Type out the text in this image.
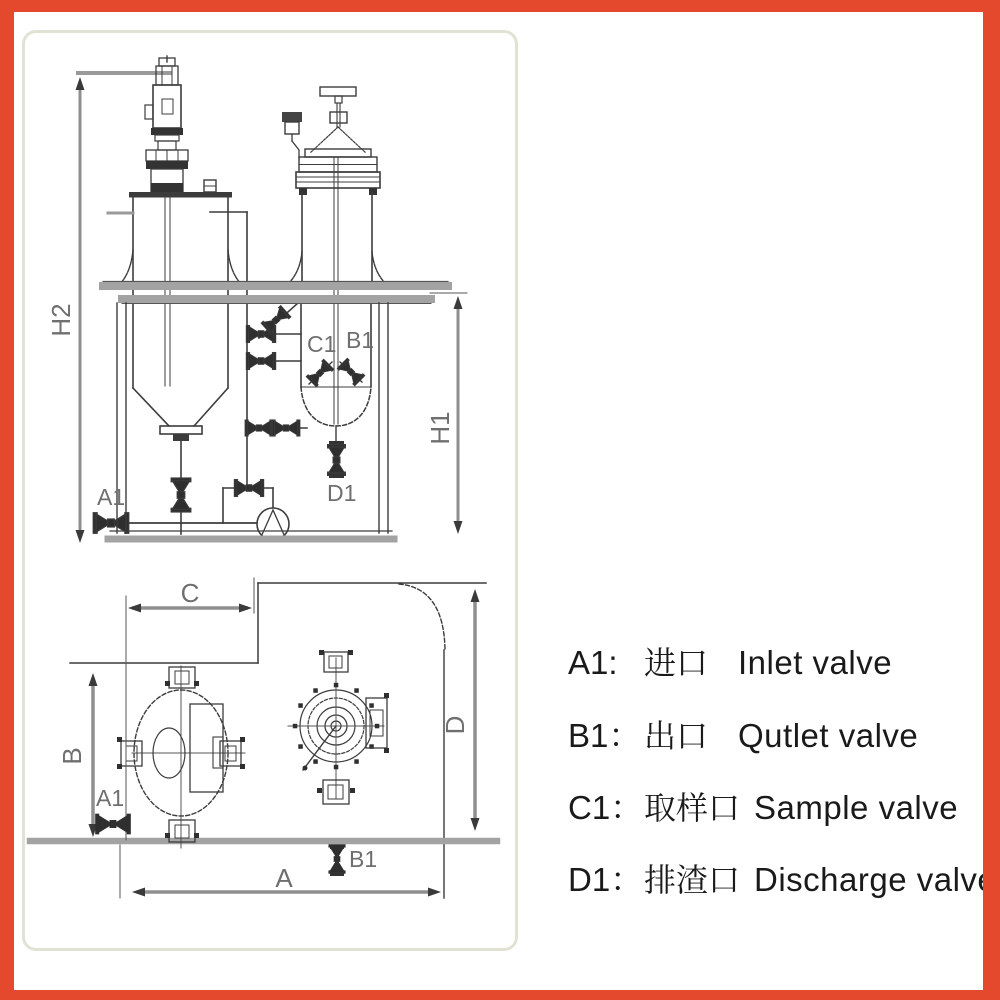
H2
H1
A1
C1 B1
D1
C
B
D
A
A1
B1
A1: 进口 Inlet valve
B1： 出口 Qutlet valve
C1： 取样口 Sample valve
D1： 排渣口 Discharge valve
